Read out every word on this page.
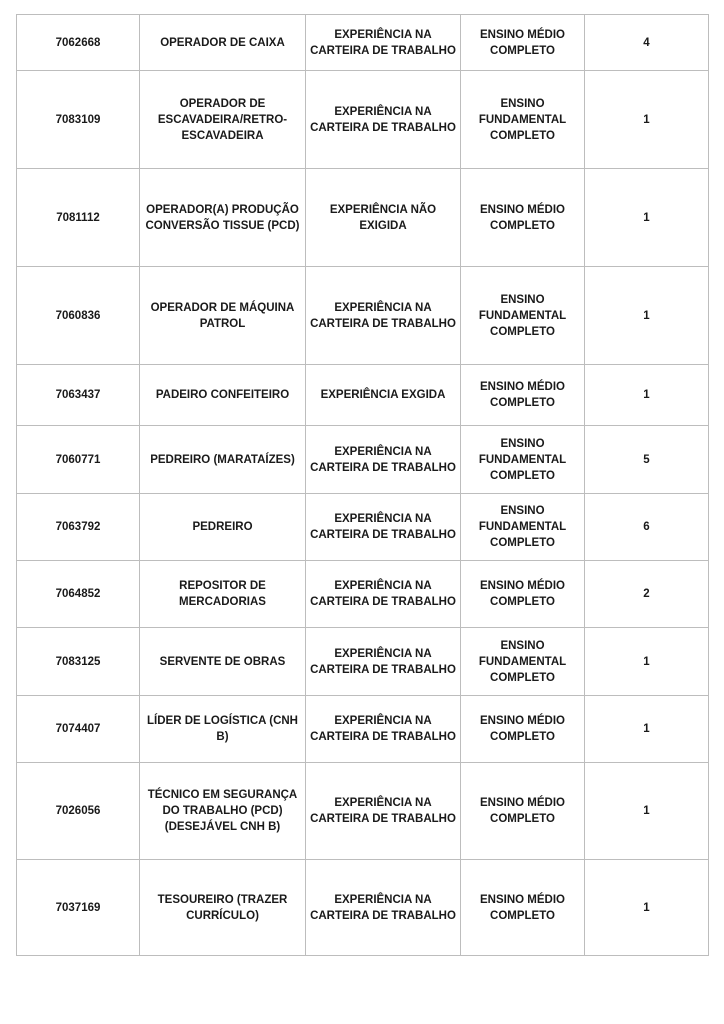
7062668	OPERADOR DE CAIXA	EXPERIÊNCIA NA CARTEIRA DE TRABALHO	ENSINO MÉDIO COMPLETO	4
7083109	OPERADOR DE ESCAVADEIRA/RETRO-ESCAVADEIRA	EXPERIÊNCIA NA CARTEIRA DE TRABALHO	ENSINO FUNDAMENTAL COMPLETO	1
7081112	OPERADOR(A) PRODUÇÃO CONVERSÃO TISSUE (PCD)	EXPERIÊNCIA NÃO EXIGIDA	ENSINO MÉDIO COMPLETO	1
7060836	OPERADOR DE MÁQUINA PATROL	EXPERIÊNCIA NA CARTEIRA DE TRABALHO	ENSINO FUNDAMENTAL COMPLETO	1
7063437	PADEIRO CONFEITEIRO	EXPERIÊNCIA EXGIDA	ENSINO MÉDIO COMPLETO	1
7060771	PEDREIRO (MARATAÍZES)	EXPERIÊNCIA NA CARTEIRA DE TRABALHO	ENSINO FUNDAMENTAL COMPLETO	5
7063792	PEDREIRO	EXPERIÊNCIA NA CARTEIRA DE TRABALHO	ENSINO FUNDAMENTAL COMPLETO	6
7064852	REPOSITOR DE MERCADORIAS	EXPERIÊNCIA NA CARTEIRA DE TRABALHO	ENSINO MÉDIO COMPLETO	2
7083125	SERVENTE DE OBRAS	EXPERIÊNCIA NA CARTEIRA DE TRABALHO	ENSINO FUNDAMENTAL COMPLETO	1
7074407	LÍDER DE LOGÍSTICA (CNH B)	EXPERIÊNCIA NA CARTEIRA DE TRABALHO	ENSINO MÉDIO COMPLETO	1
7026056	TÉCNICO EM SEGURANÇA DO TRABALHO (PCD) (DESEJÁVEL CNH B)	EXPERIÊNCIA NA CARTEIRA DE TRABALHO	ENSINO MÉDIO COMPLETO	1
7037169	TESOUREIRO (TRAZER CURRÍCULO)	EXPERIÊNCIA NA CARTEIRA DE TRABALHO	ENSINO MÉDIO COMPLETO	1
